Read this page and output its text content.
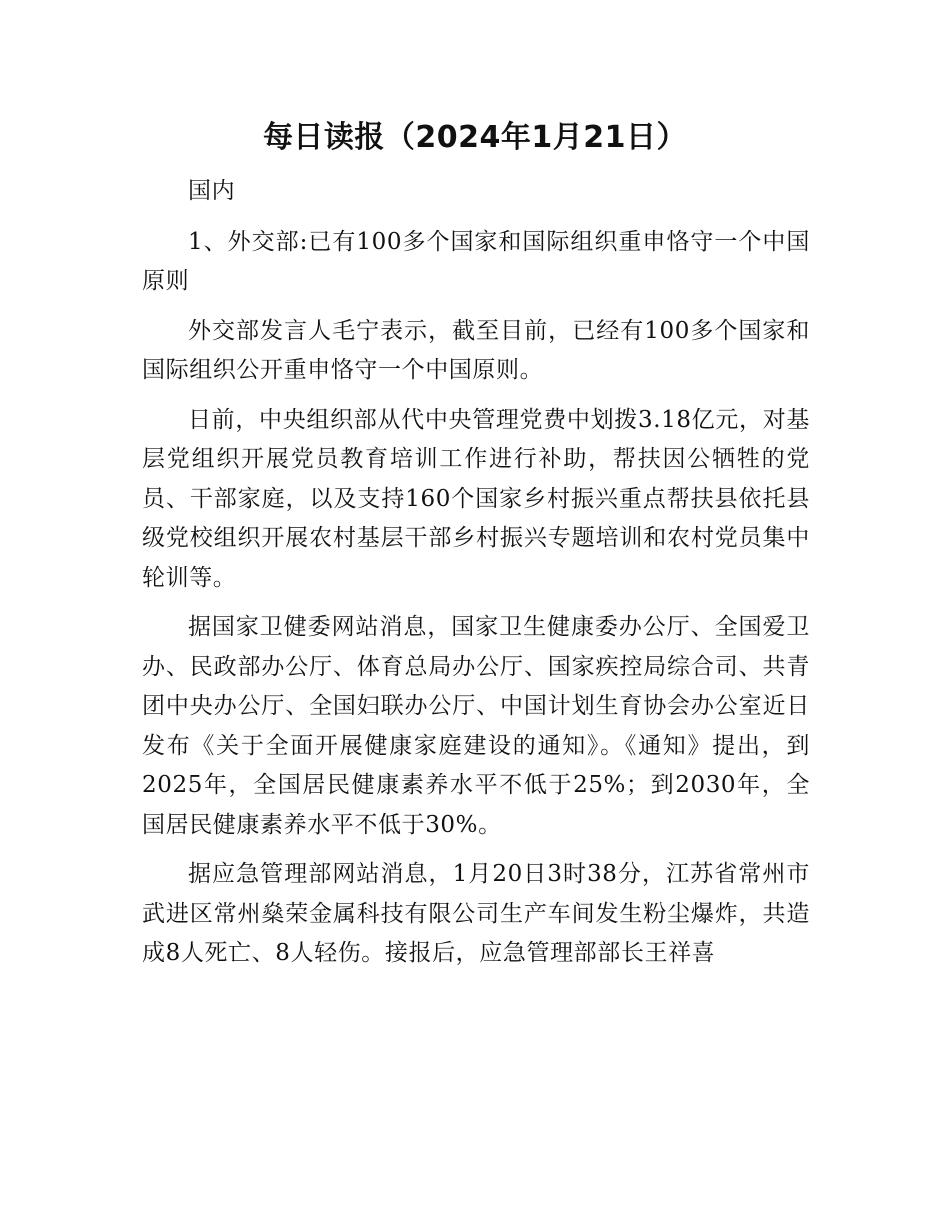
每日读报（2024年1月21日）

国内

1、外交部:已有100多个国家和国际组织重申恪守一个中国原则

外交部发言人毛宁表示，截至目前，已经有100多个国家和国际组织公开重申恪守一个中国原则。

日前，中央组织部从代中央管理党费中划拨3.18亿元，对基层党组织开展党员教育培训工作进行补助，帮扶因公牺牲的党员、干部家庭，以及支持160个国家乡村振兴重点帮扶县依托县级党校组织开展农村基层干部乡村振兴专题培训和农村党员集中轮训等。

据国家卫健委网站消息，国家卫生健康委办公厅、全国爱卫办、民政部办公厅、体育总局办公厅、国家疾控局综合司、共青团中央办公厅、全国妇联办公厅、中国计划生育协会办公室近日发布《关于全面开展健康家庭建设的通知》。《通知》提出，到2025年，全国居民健康素养水平不低于25%；到2030年，全国居民健康素养水平不低于30%。

据应急管理部网站消息，1月20日3时38分，江苏省常州市武进区常州燊荣金属科技有限公司生产车间发生粉尘爆炸，共造成8人死亡、8人轻伤。接报后，应急管理部部长王祥喜
